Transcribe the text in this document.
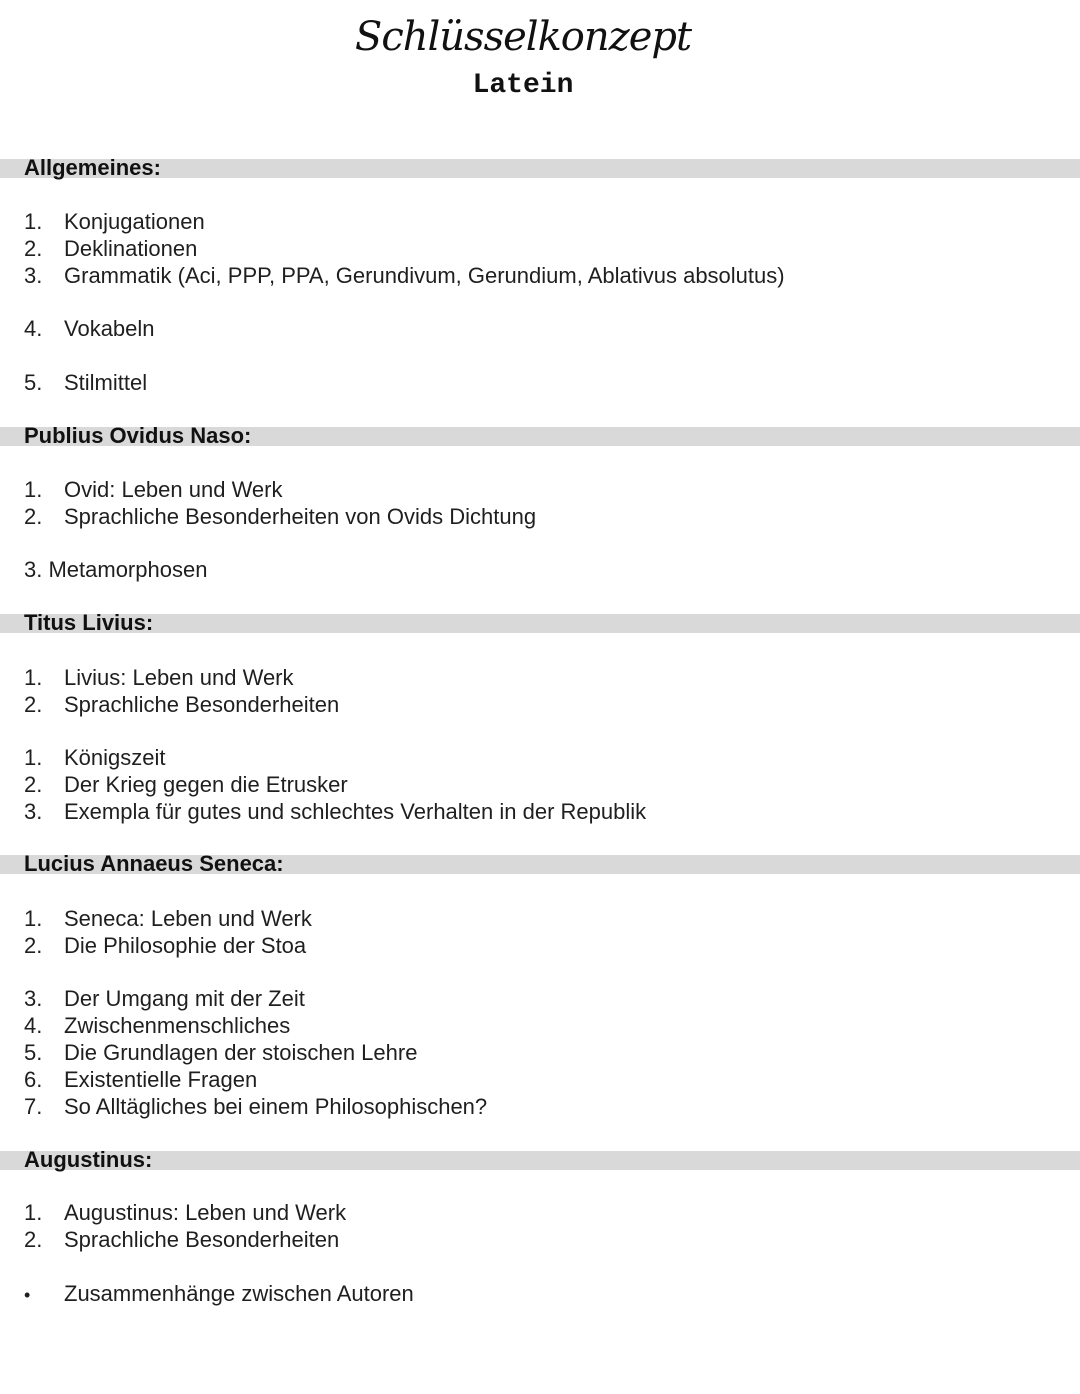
Schlüsselkonzept
Latein
Allgemeines:
1. Konjugationen
2. Deklinationen
3. Grammatik (Aci, PPP, PPA, Gerundivum, Gerundium, Ablativus absolutus)
4. Vokabeln
5. Stilmittel
Publius Ovidus Naso:
1. Ovid: Leben und Werk
2. Sprachliche Besonderheiten von Ovids Dichtung
3. Metamorphosen
Titus Livius:
1. Livius: Leben und Werk
2. Sprachliche Besonderheiten
1. Königszeit
2. Der Krieg gegen die Etrusker
3. Exempla für gutes und schlechtes Verhalten in der Republik
Lucius Annaeus Seneca:
1. Seneca: Leben und Werk
2. Die Philosophie der Stoa
3. Der Umgang mit der Zeit
4. Zwischenmenschliches
5. Die Grundlagen der stoischen Lehre
6. Existentielle Fragen
7. So Alltägliches bei einem Philosophischen?
Augustinus:
1. Augustinus: Leben und Werk
2. Sprachliche Besonderheiten
• Zusammenhänge zwischen Autoren
